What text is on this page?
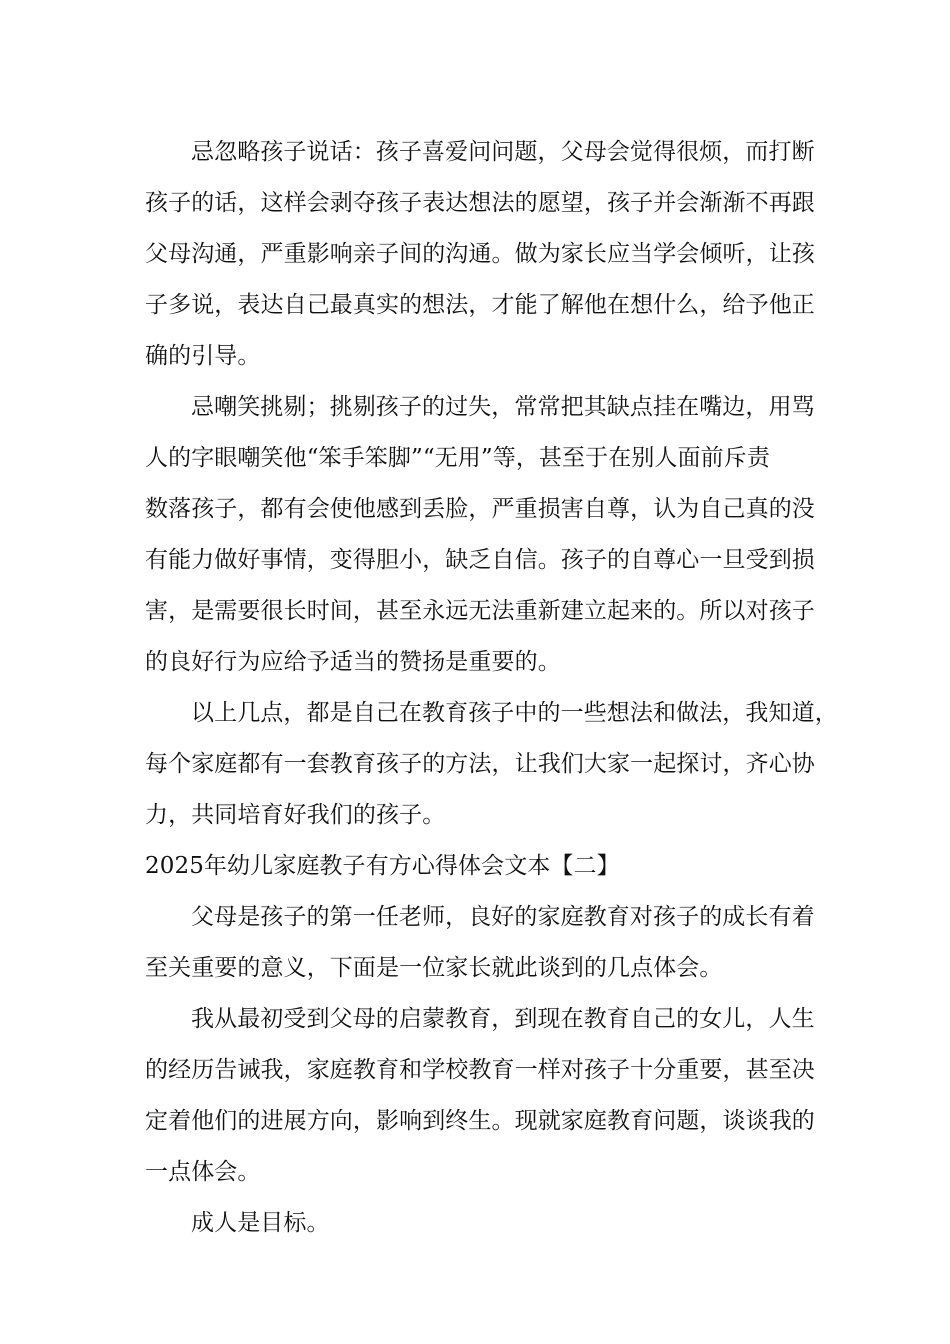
忌忽略孩子说话：孩子喜爱问问题，父母会觉得很烦，而打断
孩子的话，这样会剥夺孩子表达想法的愿望，孩子并会渐渐不再跟
父母沟通，严重影响亲子间的沟通。做为家长应当学会倾听，让孩
子多说，表达自己最真实的想法，才能了解他在想什么，给予他正
确的引导。
忌嘲笑挑剔；挑剔孩子的过失，常常把其缺点挂在嘴边，用骂
人的字眼嘲笑他“笨手笨脚”“无用”等，甚至于在别人面前斥责
数落孩子，都有会使他感到丢脸，严重损害自尊，认为自己真的没
有能力做好事情，变得胆小，缺乏自信。孩子的自尊心一旦受到损
害，是需要很长时间，甚至永远无法重新建立起来的。所以对孩子
的良好行为应给予适当的赞扬是重要的。
以上几点，都是自己在教育孩子中的一些想法和做法，我知道，
每个家庭都有一套教育孩子的方法，让我们大家一起探讨，齐心协
力，共同培育好我们的孩子。
2025年幼儿家庭教子有方心得体会文本【二】
父母是孩子的第一任老师，良好的家庭教育对孩子的成长有着
至关重要的意义，下面是一位家长就此谈到的几点体会。
我从最初受到父母的启蒙教育，到现在教育自己的女儿，人生
的经历告诫我，家庭教育和学校教育一样对孩子十分重要，甚至决
定着他们的进展方向，影响到终生。现就家庭教育问题，谈谈我的
一点体会。
成人是目标。
